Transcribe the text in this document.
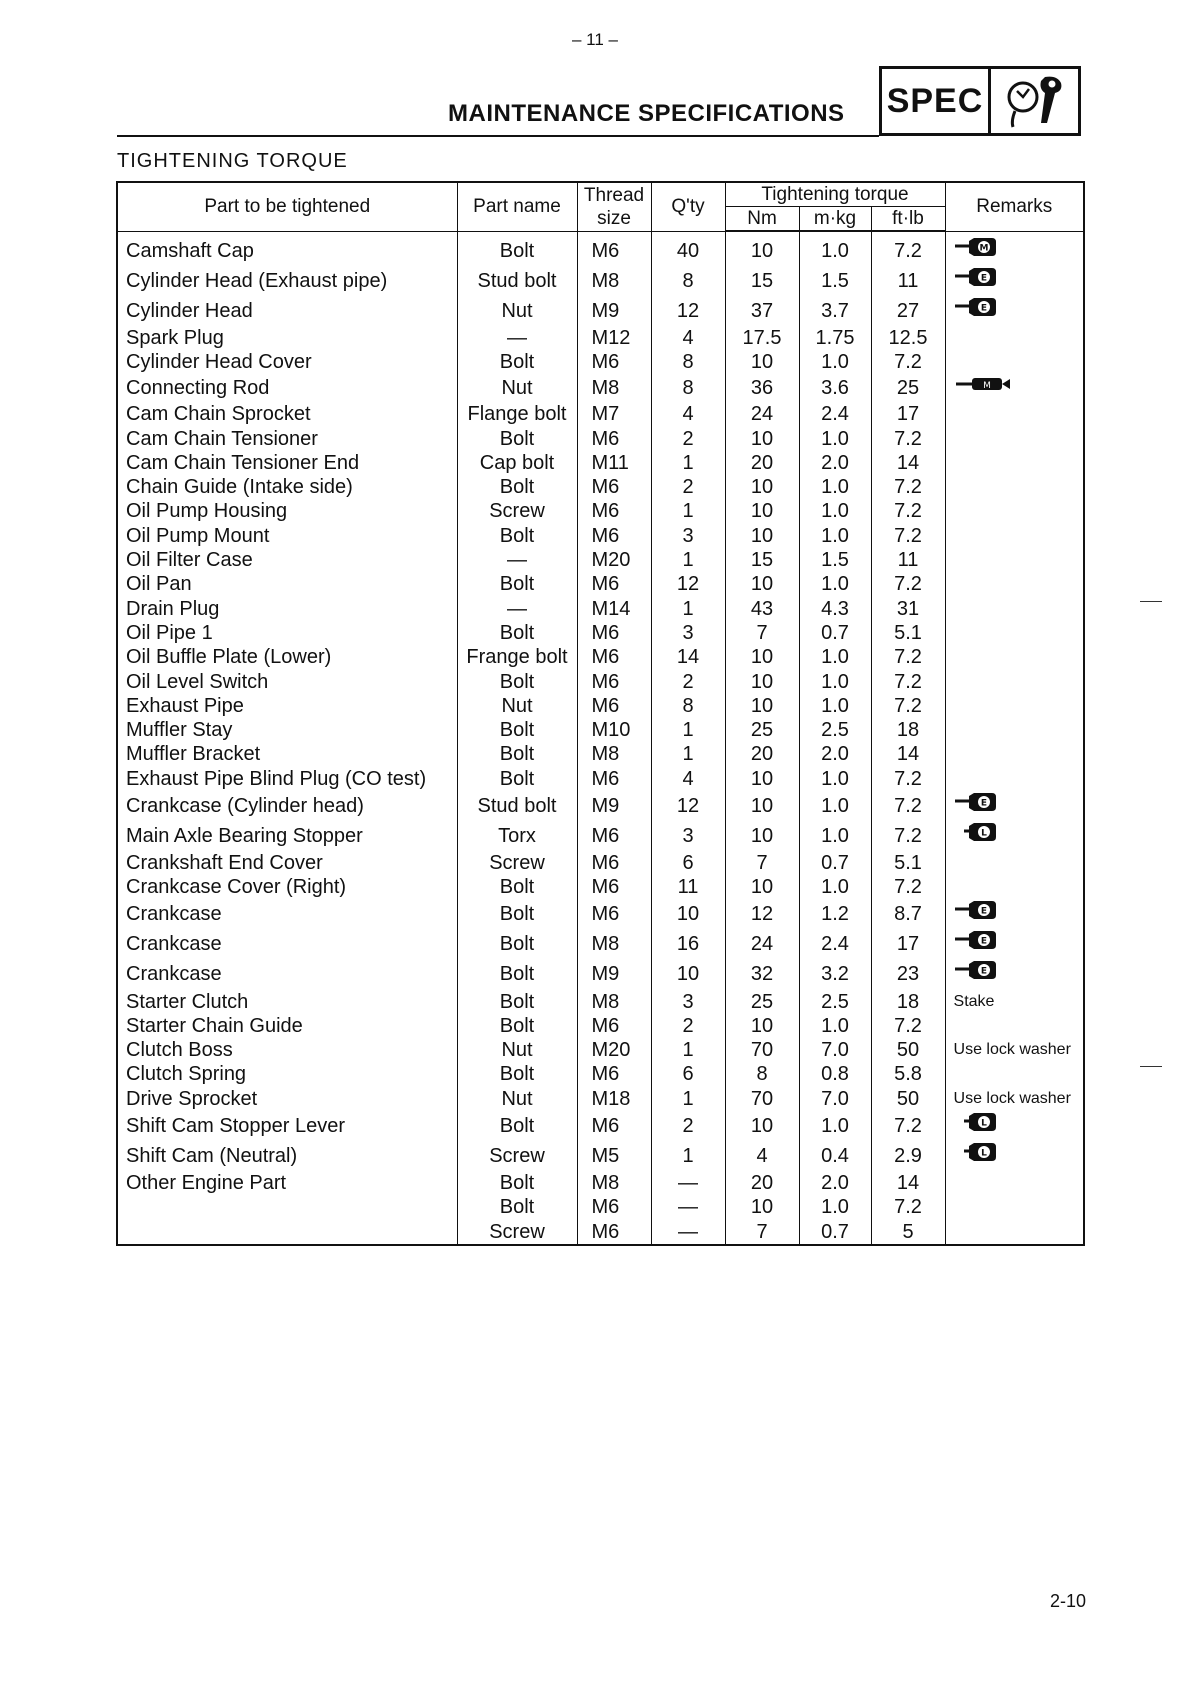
– 11 –
MAINTENANCE SPECIFICATIONS SPEC
TIGHTENING TORQUE
Part to be tightened	Part name	Thread size	Q'ty	Tightening torque			Remarks
				Nm	m·kg	ft·lb	
Camshaft Cap	Bolt	M6	40	10	1.0	7.2	M

Cylinder Head (Exhaust pipe)	Stud bolt	M8	8	15	1.5	11	E

Cylinder Head	Nut	M9	12	37	3.7	27	E

Spark Plug	—	M12	4	17.5	1.75	12.5	
Cylinder Head Cover	Bolt	M6	8	10	1.0	7.2	
Connecting Rod	Nut	M8	8	36	3.6	25	M

Cam Chain Sprocket	Flange bolt	M7	4	24	2.4	17	
Cam Chain Tensioner	Bolt	M6	2	10	1.0	7.2	
Cam Chain Tensioner End	Cap bolt	M11	1	20	2.0	14	
Chain Guide (Intake side)	Bolt	M6	2	10	1.0	7.2	
Oil Pump Housing	Screw	M6	1	10	1.0	7.2	
Oil Pump Mount	Bolt	M6	3	10	1.0	7.2	
Oil Filter Case	—	M20	1	15	1.5	11	
Oil Pan	Bolt	M6	12	10	1.0	7.2	
Drain Plug	—	M14	1	43	4.3	31	
Oil Pipe 1	Bolt	M6	3	7	0.7	5.1	
Oil Buffle Plate (Lower)	Frange bolt	M6	14	10	1.0	7.2	
Oil Level Switch	Bolt	M6	2	10	1.0	7.2	
Exhaust Pipe	Nut	M6	8	10	1.0	7.2	
Muffler Stay	Bolt	M10	1	25	2.5	18	
Muffler Bracket	Bolt	M8	1	20	2.0	14	
Exhaust Pipe Blind Plug (CO test)	Bolt	M6	4	10	1.0	7.2	
Crankcase (Cylinder head)	Stud bolt	M9	12	10	1.0	7.2	E

Main Axle Bearing Stopper	Torx	M6	3	10	1.0	7.2	L

Crankshaft End Cover	Screw	M6	6	7	0.7	5.1	
Crankcase Cover (Right)	Bolt	M6	11	10	1.0	7.2	
Crankcase	Bolt	M6	10	12	1.2	8.7	E

Crankcase	Bolt	M8	16	24	2.4	17	E

Crankcase	Bolt	M9	10	32	3.2	23	E

Starter Clutch	Bolt	M8	3	25	2.5	18	Stake
Starter Chain Guide	Bolt	M6	2	10	1.0	7.2	
Clutch Boss	Nut	M20	1	70	7.0	50	Use lock washer
Clutch Spring	Bolt	M6	6	8	0.8	5.8	
Drive Sprocket	Nut	M18	1	70	7.0	50	Use lock washer
Shift Cam Stopper Lever	Bolt	M6	2	10	1.0	7.2	L

Shift Cam (Neutral)	Screw	M5	1	4	0.4	2.9	L

Other Engine Part	Bolt	M8	—	20	2.0	14	
	Bolt	M6	—	10	1.0	7.2	
	Screw	M6	—	7	0.7	5	
2-10
